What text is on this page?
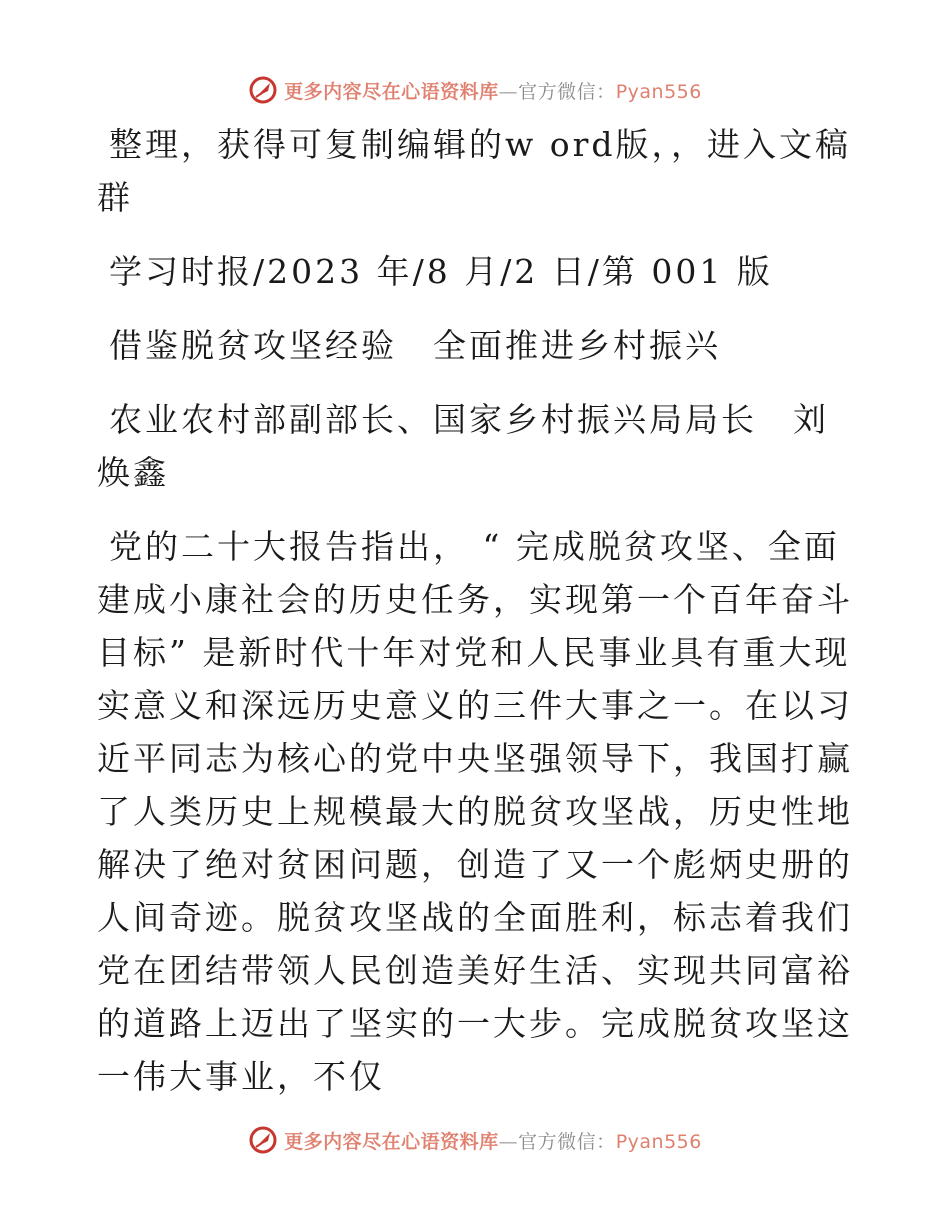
更多内容尽在心语资料库—官方微信：Pyan556

整理，获得可复制编辑的w ord版，，进入文稿群

学习时报/2023 年/8 月/2 日/第 001 版

借鉴脱贫攻坚经验　全面推进乡村振兴

农业农村部副部长、国家乡村振兴局局长　刘焕鑫

党的二十大报告指出， “ 完成脱贫攻坚、全面建成小康社会的历史任务，实现第一个百年奋斗目标” 是新时代十年对党和人民事业具有重大现实意义和深远历史意义的三件大事之一。在以习近平同志为核心的党中央坚强领导下，我国打赢了人类历史上规模最大的脱贫攻坚战，历史性地解决了绝对贫困问题，创造了又一个彪炳史册的人间奇迹。脱贫攻坚战的全面胜利，标志着我们党在团结带领人民创造美好生活、实现共同富裕的道路上迈出了坚实的一大步。完成脱贫攻坚这一伟大事业，不仅

更多内容尽在心语资料库—官方微信：Pyan556
